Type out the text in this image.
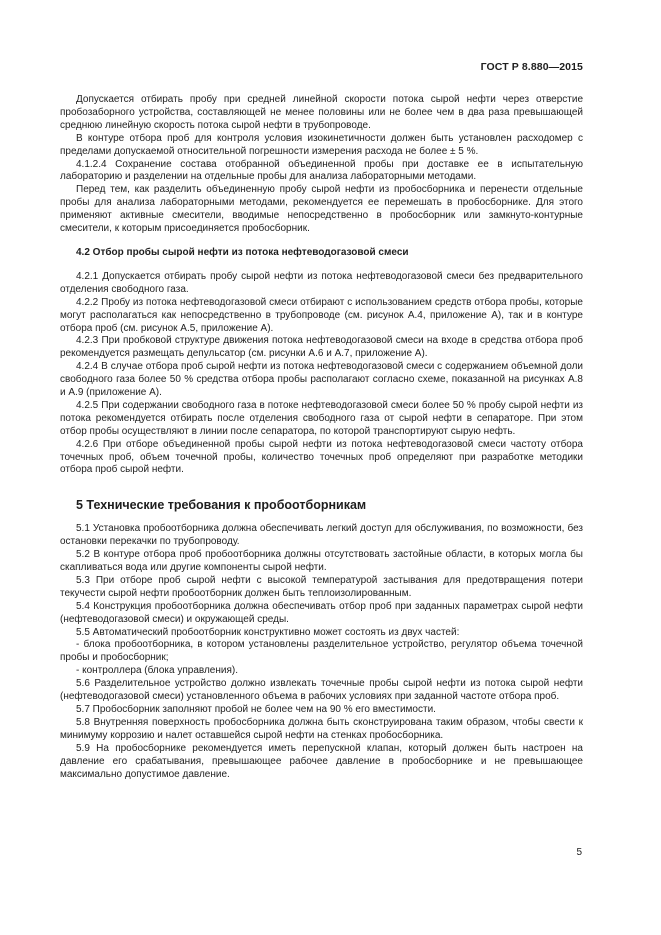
ГОСТ Р 8.880—2015

Допускается отбирать пробу при средней линейной скорости потока сырой нефти через отверстие пробозаборного устройства, составляющей не менее половины или не более чем в два раза превышающей среднюю линейную скорость потока сырой нефти в трубопроводе.

В контуре отбора проб для контроля условия изокинетичности должен быть установлен расходомер с пределами допускаемой относительной погрешности измерения расхода не более ± 5 %.

4.1.2.4 Сохранение состава отобранной объединенной пробы при доставке ее в испытательную лабораторию и разделении на отдельные пробы для анализа лабораторными методами.

Перед тем, как разделить объединенную пробу сырой нефти из пробосборника и перенести отдельные пробы для анализа лабораторными методами, рекомендуется ее перемешать в пробосборнике. Для этого применяют активные смесители, вводимые непосредственно в пробосборник или замкнуто-контурные смесители, к которым присоединяется пробосборник.

4.2 Отбор пробы сырой нефти из потока нефтеводогазовой смеси

4.2.1 Допускается отбирать пробу сырой нефти из потока нефтеводогазовой смеси без предварительного отделения свободного газа.

4.2.2 Пробу из потока нефтеводогазовой смеси отбирают с использованием средств отбора пробы, которые могут располагаться как непосредственно в трубопроводе (см. рисунок А.4, приложение А), так и в контуре отбора проб (см. рисунок А.5, приложение А).

4.2.3 При пробковой структуре движения потока нефтеводогазовой смеси на входе в средства отбора проб рекомендуется размещать депульсатор (см. рисунки А.6 и А.7, приложение А).

4.2.4 В случае отбора проб сырой нефти из потока нефтеводогазовой смеси с содержанием объемной доли свободного газа более 50 % средства отбора пробы располагают согласно схеме, показанной на рисунках А.8 и А.9 (приложение А).

4.2.5 При содержании свободного газа в потоке нефтеводогазовой смеси более 50 % пробу сырой нефти из потока рекомендуется отбирать после отделения свободного газа от сырой нефти в сепараторе. При этом отбор пробы осуществляют в линии после сепаратора, по которой транспортируют сырую нефть.

4.2.6 При отборе объединенной пробы сырой нефти из потока нефтеводогазовой смеси частоту отбора точечных проб, объем точечной пробы, количество точечных проб определяют при разработке методики отбора проб сырой нефти.

5 Технические требования к пробоотборникам

5.1 Установка пробоотборника должна обеспечивать легкий доступ для обслуживания, по возможности, без остановки перекачки по трубопроводу.

5.2 В контуре отбора проб пробоотборника должны отсутствовать застойные области, в которых могла бы скапливаться вода или другие компоненты сырой нефти.

5.3 При отборе проб сырой нефти с высокой температурой застывания для предотвращения потери текучести сырой нефти пробоотборник должен быть теплоизолированным.

5.4 Конструкция пробоотборника должна обеспечивать отбор проб при заданных параметрах сырой нефти (нефтеводогазовой смеси) и окружающей среды.

5.5 Автоматический пробоотборник конструктивно может состоять из двух частей:

- блока пробоотборника, в котором установлены разделительное устройство, регулятор объема точечной пробы и пробосборник;

- контроллера (блока управления).

5.6 Разделительное устройство должно извлекать точечные пробы сырой нефти из потока сырой нефти (нефтеводогазовой смеси) установленного объема в рабочих условиях при заданной частоте отбора проб.

5.7 Пробосборник заполняют пробой не более чем на 90 % его вместимости.

5.8 Внутренняя поверхность пробосборника должна быть сконструирована таким образом, чтобы свести к минимуму коррозию и налет оставшейся сырой нефти на стенках пробосборника.

5.9 На пробосборнике рекомендуется иметь перепускной клапан, который должен быть настроен на давление его срабатывания, превышающее рабочее давление в пробосборнике и не превышающее максимально допустимое давление.

5
